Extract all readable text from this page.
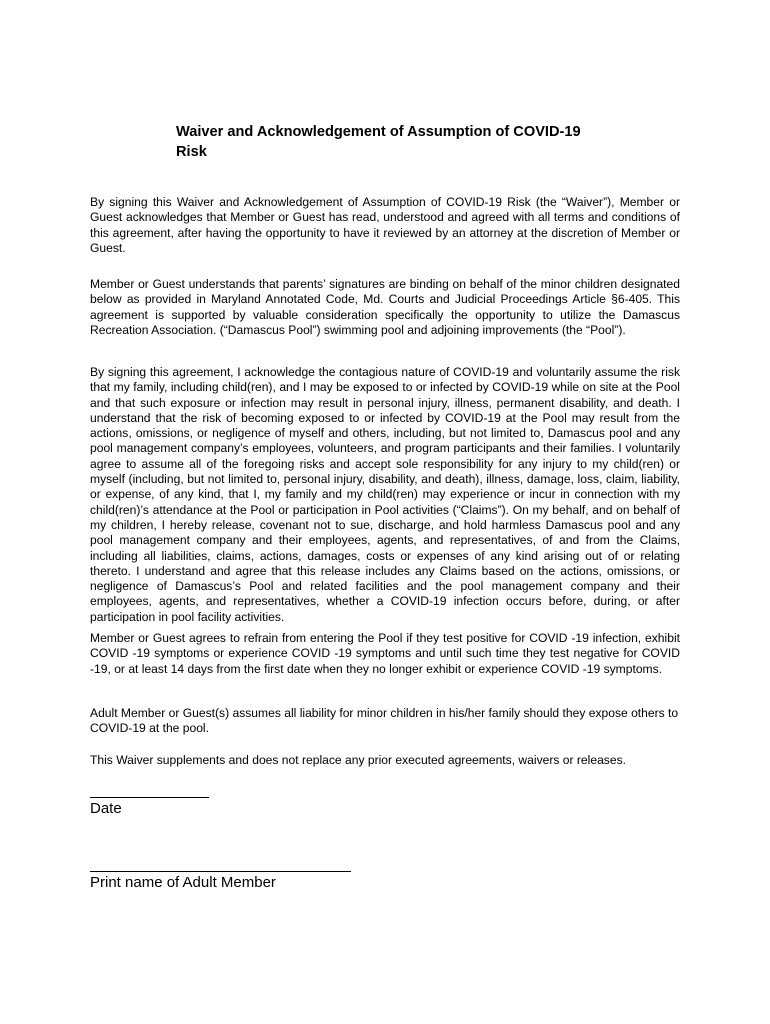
Waiver and Acknowledgement of Assumption of COVID-19 Risk

By signing this Waiver and Acknowledgement of Assumption of COVID-19 Risk (the “Waiver”), Member or Guest acknowledges that Member or Guest has read, understood and agreed with all terms and conditions of this agreement, after having the opportunity to have it reviewed by an attorney at the discretion of Member or Guest.

Member or Guest understands that parents’ signatures are binding on behalf of the minor children designated below as provided in Maryland Annotated Code, Md. Courts and Judicial Proceedings Article §6-405. This agreement is supported by valuable consideration specifically the opportunity to utilize the Damascus Recreation Association. (“Damascus Pool”) swimming pool and adjoining improvements (the “Pool”).

By signing this agreement, I acknowledge the contagious nature of COVID-19 and voluntarily assume the risk that my family, including child(ren), and I may be exposed to or infected by COVID-19 while on site at the Pool and that such exposure or infection may result in personal injury, illness, permanent disability, and death. I understand that the risk of becoming exposed to or infected by COVID-19 at the Pool may result from the actions, omissions, or negligence of myself and others, including, but not limited to, Damascus pool and any pool management company’s employees, volunteers, and program participants and their families. I voluntarily agree to assume all of the foregoing risks and accept sole responsibility for any injury to my child(ren) or myself (including, but not limited to, personal injury, disability, and death), illness, damage, loss, claim, liability, or expense, of any kind, that I, my family and my child(ren) may experience or incur in connection with my child(ren)’s attendance at the Pool or participation in Pool activities (“Claims”). On my behalf, and on behalf of my children, I hereby release, covenant not to sue, discharge, and hold harmless Damascus pool and any pool management company and their employees, agents, and representatives, of and from the Claims, including all liabilities, claims, actions, damages, costs or expenses of any kind arising out of or relating thereto. I understand and agree that this release includes any Claims based on the actions, omissions, or negligence of Damascus’s Pool and related facilities and the pool management company and their employees, agents, and representatives, whether a COVID-19 infection occurs before, during, or after participation in pool facility activities.

Member or Guest agrees to refrain from entering the Pool if they test positive for COVID -19 infection, exhibit COVID -19 symptoms or experience COVID -19 symptoms and until such time they test negative for COVID -19, or at least 14 days from the first date when they no longer exhibit or experience COVID -19 symptoms.

Adult Member or Guest(s) assumes all liability for minor children in his/her family should they expose others to COVID-19 at the pool.

This Waiver supplements and does not replace any prior executed agreements, waivers or releases.

Date

Print name of Adult Member
